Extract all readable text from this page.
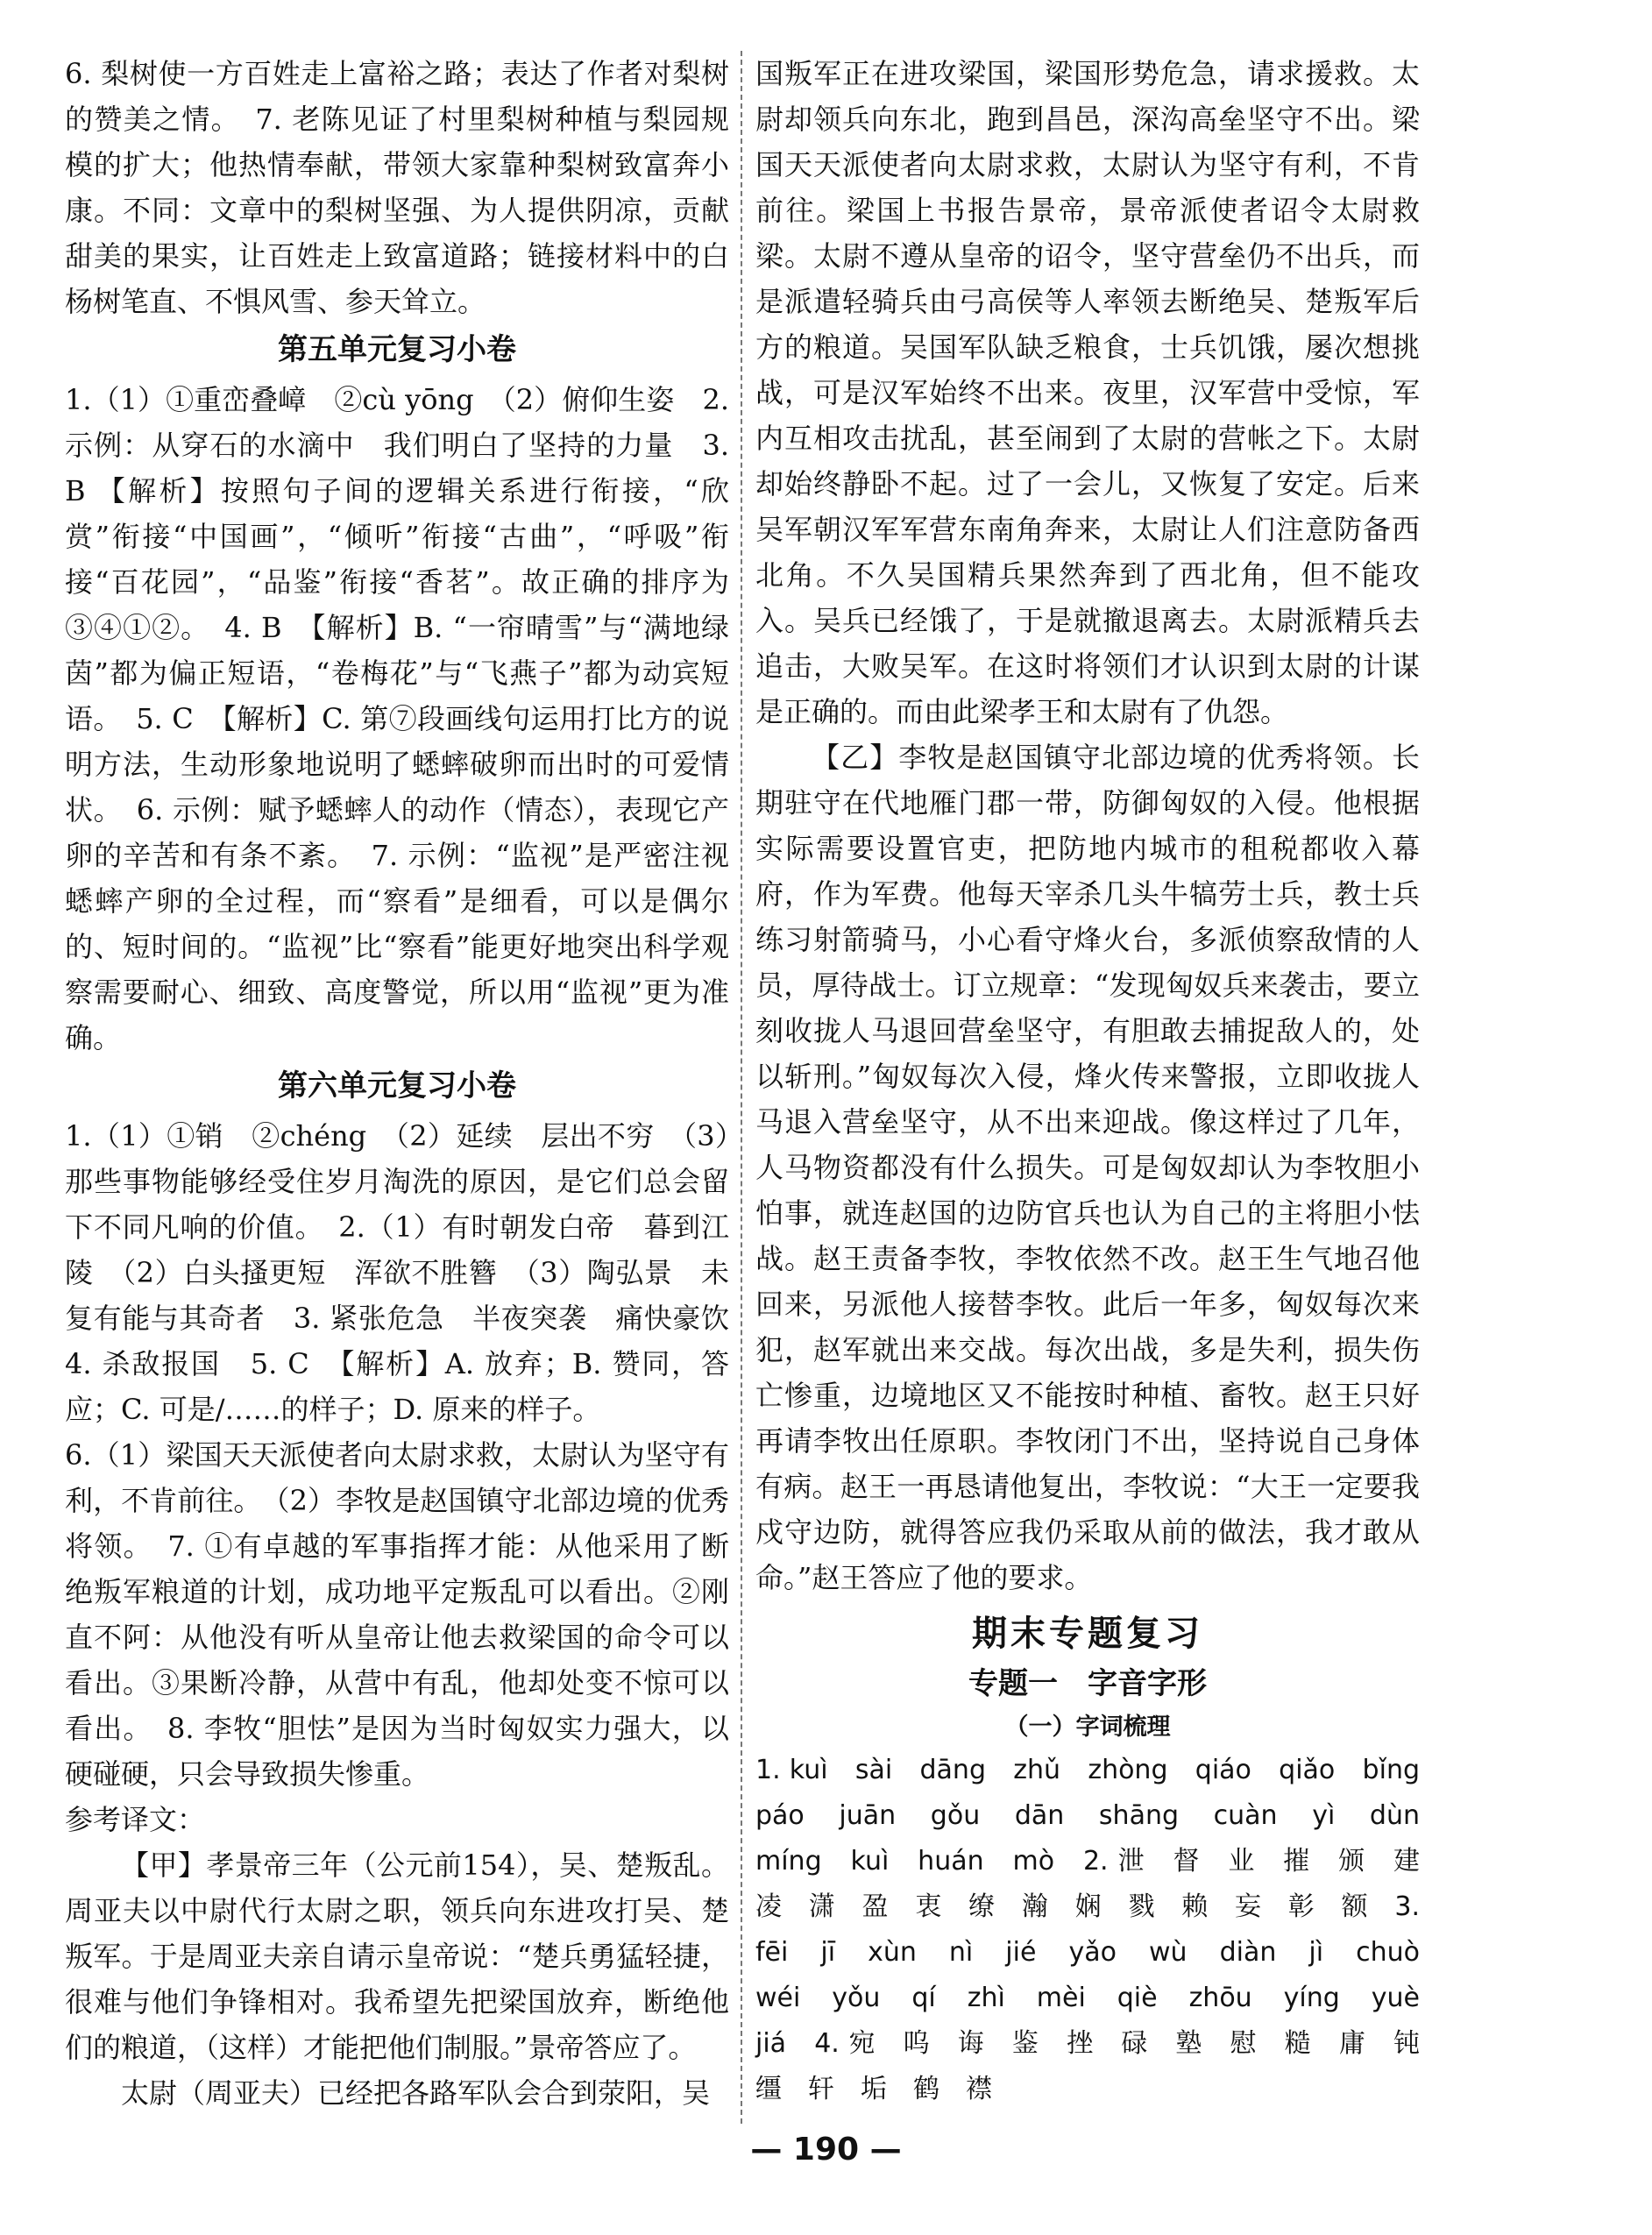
6. 梨树使一方百姓走上富裕之路；表达了作者对梨树的赞美之情。　7. 老陈见证了村里梨树种植与梨园规模的扩大；他热情奉献，带领大家靠种梨树致富奔小康。不同：文章中的梨树坚强、为人提供阴凉，贡献甜美的果实，让百姓走上致富道路；链接材料中的白杨树笔直、不惧风雪、参天耸立。

第五单元复习小卷

1.（1）①重峦叠嶂　②cù yōng　（2）俯仰生姿　2. 示例：从穿石的水滴中　我们明白了坚持的力量　3. B 【解析】按照句子间的逻辑关系进行衔接，“欣赏”衔接“中国画”，“倾听”衔接“古曲”，“呼吸”衔接“百花园”，“品鉴”衔接“香茗”。故正确的排序为③④①②。　4. B　【解析】B. “一帘晴雪”与“满地绿茵”都为偏正短语，“卷梅花”与“飞燕子”都为动宾短语。　5. C　【解析】C. 第⑦段画线句运用打比方的说明方法，生动形象地说明了蟋蟀破卵而出时的可爱情状。　6. 示例：赋予蟋蟀人的动作（情态），表现它产卵的辛苦和有条不紊。　7. 示例：“监视”是严密注视蟋蟀产卵的全过程，而“察看”是细看，可以是偶尔的、短时间的。“监视”比“察看”能更好地突出科学观察需要耐心、细致、高度警觉，所以用“监视”更为准确。

第六单元复习小卷

1.（1）①销　②chéng　（2）延续　层出不穷　（3）那些事物能够经受住岁月淘洗的原因，是它们总会留下不同凡响的价值。　2.（1）有时朝发白帝　暮到江陵　（2）白头搔更短　浑欲不胜簪　（3）陶弘景　未复有能与其奇者　3. 紧张危急　半夜突袭　痛快豪饮　4. 杀敌报国　5. C　【解析】A. 放弃；B. 赞同，答应；C. 可是/……的样子；D. 原来的样子。

6.（1）梁国天天派使者向太尉求救，太尉认为坚守有利，不肯前往。　（2）李牧是赵国镇守北部边境的优秀将领。　7. ①有卓越的军事指挥才能：从他采用了断绝叛军粮道的计划，成功地平定叛乱可以看出。②刚直不阿：从他没有听从皇帝让他去救梁国的命令可以看出。③果断冷静，从营中有乱，他却处变不惊可以看出。　8. 李牧“胆怯”是因为当时匈奴实力强大，以硬碰硬，只会导致损失惨重。

参考译文：

【甲】孝景帝三年（公元前154），吴、楚叛乱。周亚夫以中尉代行太尉之职，领兵向东进攻打吴、楚叛军。于是周亚夫亲自请示皇帝说：“楚兵勇猛轻捷，很难与他们争锋相对。我希望先把梁国放弃，断绝他们的粮道，（这样）才能把他们制服。”景帝答应了。

太尉（周亚夫）已经把各路军队会合到荥阳，吴

国叛军正在进攻梁国，梁国形势危急，请求援救。太尉却领兵向东北，跑到昌邑，深沟高垒坚守不出。梁国天天派使者向太尉求救，太尉认为坚守有利，不肯前往。梁国上书报告景帝，景帝派使者诏令太尉救梁。太尉不遵从皇帝的诏令，坚守营垒仍不出兵，而是派遣轻骑兵由弓高侯等人率领去断绝吴、楚叛军后方的粮道。吴国军队缺乏粮食，士兵饥饿，屡次想挑战，可是汉军始终不出来。夜里，汉军营中受惊，军内互相攻击扰乱，甚至闹到了太尉的营帐之下。太尉却始终静卧不起。过了一会儿，又恢复了安定。后来吴军朝汉军军营东南角奔来，太尉让人们注意防备西北角。不久吴国精兵果然奔到了西北角，但不能攻入。吴兵已经饿了，于是就撤退离去。太尉派精兵去追击，大败吴军。在这时将领们才认识到太尉的计谋是正确的。而由此梁孝王和太尉有了仇怨。

【乙】李牧是赵国镇守北部边境的优秀将领。长期驻守在代地雁门郡一带，防御匈奴的入侵。他根据实际需要设置官吏，把防地内城市的租税都收入幕府，作为军费。他每天宰杀几头牛犒劳士兵，教士兵练习射箭骑马，小心看守烽火台，多派侦察敌情的人员，厚待战士。订立规章：“发现匈奴兵来袭击，要立刻收拢人马退回营垒坚守，有胆敢去捕捉敌人的，处以斩刑。”匈奴每次入侵，烽火传来警报，立即收拢人马退入营垒坚守，从不出来迎战。像这样过了几年，人马物资都没有什么损失。可是匈奴却认为李牧胆小怕事，就连赵国的边防官兵也认为自己的主将胆小怯战。赵王责备李牧，李牧依然不改。赵王生气地召他回来，另派他人接替李牧。此后一年多，匈奴每次来犯，赵军就出来交战。每次出战，多是失利，损失伤亡惨重，边境地区又不能按时种植、畜牧。赵王只好再请李牧出任原职。李牧闭门不出，坚持说自己身体有病。赵王一再恳请他复出，李牧说：“大王一定要我戍守边防，就得答应我仍采取从前的做法，我才敢从命。”赵王答应了他的要求。

期末专题复习
专题一　字音字形
（一）字词梳理

1. kuì　sài　dāng　zhǔ　zhòng　qiáo　qiǎo　bǐng　páo　juān　gǒu　dān　shāng　cuàn　yì　dùn　míng　kuì　huán　mò　2. 泄　督　业　摧　颁　建　凌　潇　盈　衷　缭　瀚　娴　戮　赖　妄　彰　额　3. fēi　jī　xùn　nì　jié　yǎo　wù　diàn　jì　chuò　wéi　yǒu　qí　zhì　mèi　qiè　zhōu　yíng　yuè　jiá　4. 宛　呜　诲　鉴　挫　碌　塾　慰　糙　庸　钝　缰　轩　垢　鹤　襟

— 190 —
